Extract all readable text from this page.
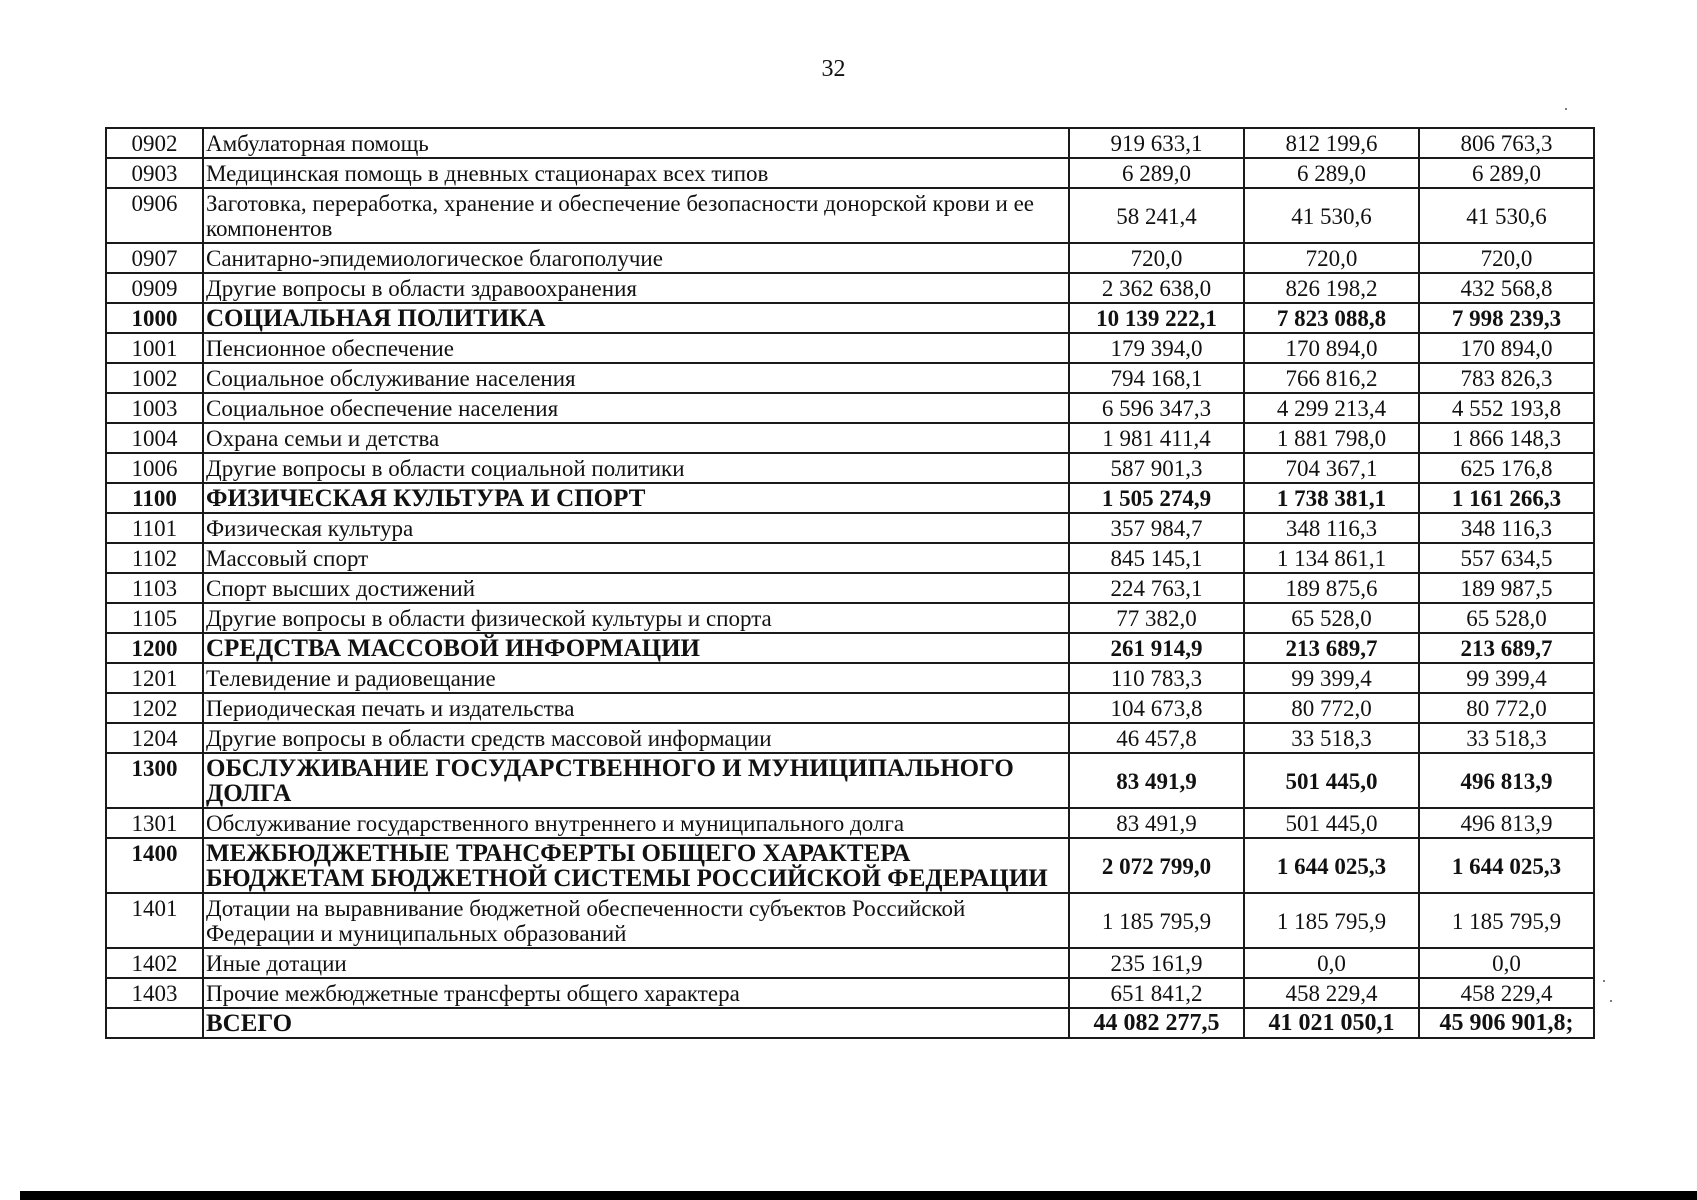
32
0902	Амбулаторная помощь	919 633,1	812 199,6	806 763,3
0903	Медицинская помощь в дневных стационарах всех типов	6 289,0	6 289,0	6 289,0
0906	Заготовка, переработка, хранение и обеспечение безопасности донорской крови и ее компонентов	58 241,4	41 530,6	41 530,6
0907	Санитарно-эпидемиологическое благополучие	720,0	720,0	720,0
0909	Другие вопросы в области здравоохранения	2 362 638,0	826 198,2	432 568,8
1000	СОЦИАЛЬНАЯ ПОЛИТИКА	10 139 222,1	7 823 088,8	7 998 239,3
1001	Пенсионное обеспечение	179 394,0	170 894,0	170 894,0
1002	Социальное обслуживание населения	794 168,1	766 816,2	783 826,3
1003	Социальное обеспечение населения	6 596 347,3	4 299 213,4	4 552 193,8
1004	Охрана семьи и детства	1 981 411,4	1 881 798,0	1 866 148,3
1006	Другие вопросы в области социальной политики	587 901,3	704 367,1	625 176,8
1100	ФИЗИЧЕСКАЯ КУЛЬТУРА И СПОРТ	1 505 274,9	1 738 381,1	1 161 266,3
1101	Физическая культура	357 984,7	348 116,3	348 116,3
1102	Массовый спорт	845 145,1	1 134 861,1	557 634,5
1103	Спорт высших достижений	224 763,1	189 875,6	189 987,5
1105	Другие вопросы в области физической культуры и спорта	77 382,0	65 528,0	65 528,0
1200	СРЕДСТВА МАССОВОЙ ИНФОРМАЦИИ	261 914,9	213 689,7	213 689,7
1201	Телевидение и радиовещание	110 783,3	99 399,4	99 399,4
1202	Периодическая печать и издательства	104 673,8	80 772,0	80 772,0
1204	Другие вопросы в области средств массовой информации	46 457,8	33 518,3	33 518,3
1300	ОБСЛУЖИВАНИЕ ГОСУДАРСТВЕННОГО И МУНИЦИПАЛЬНОГО ДОЛГА	83 491,9	501 445,0	496 813,9
1301	Обслуживание государственного внутреннего и муниципального долга	83 491,9	501 445,0	496 813,9
1400	МЕЖБЮДЖЕТНЫЕ ТРАНСФЕРТЫ ОБЩЕГО ХАРАКТЕРА БЮДЖЕТАМ БЮДЖЕТНОЙ СИСТЕМЫ РОССИЙСКОЙ ФЕДЕРАЦИИ	2 072 799,0	1 644 025,3	1 644 025,3
1401	Дотации на выравнивание бюджетной обеспеченности субъектов Российской Федерации и муниципальных образований	1 185 795,9	1 185 795,9	1 185 795,9
1402	Иные дотации	235 161,9	0,0	0,0
1403	Прочие межбюджетные трансферты общего характера	651 841,2	458 229,4	458 229,4
	ВСЕГО	44 082 277,5	41 021 050,1	45 906 901,8;
